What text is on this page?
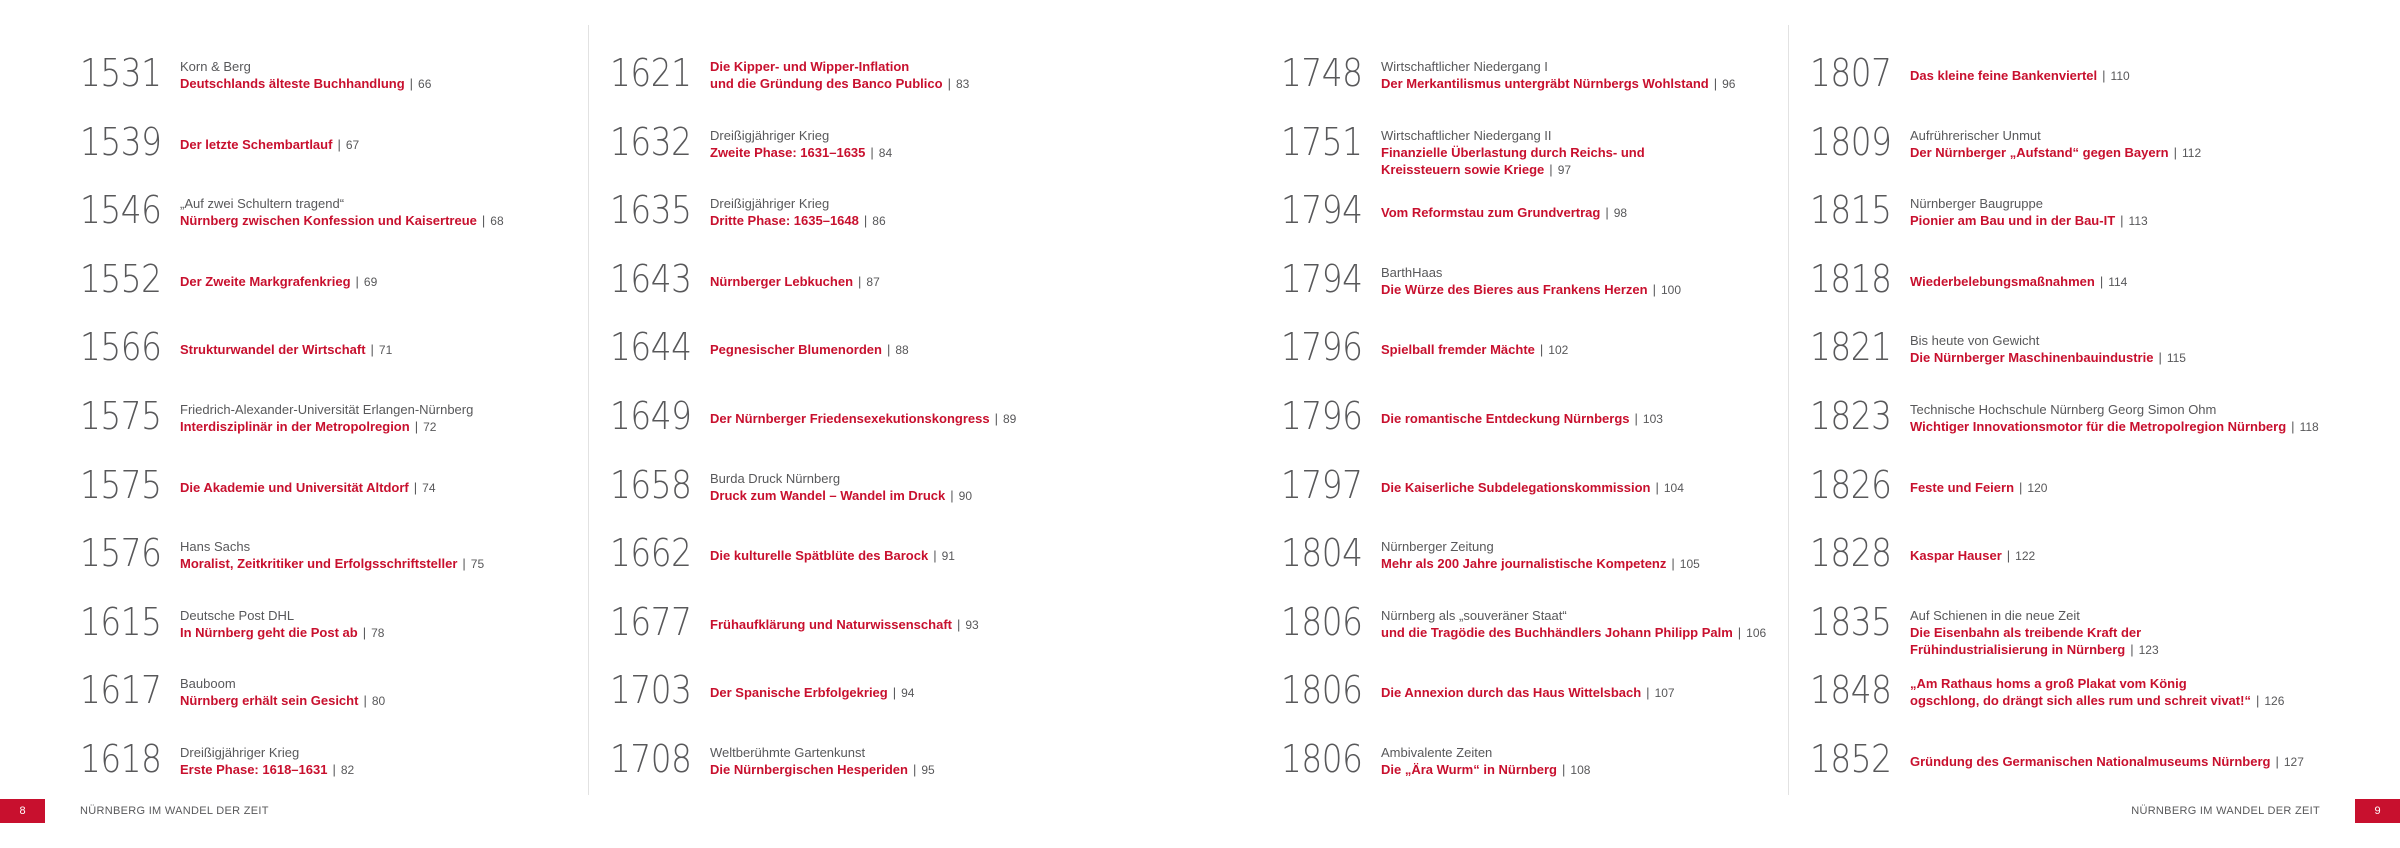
1531 Korn & Berg
Deutschlands älteste Buchhandlung | 66
1539 Der letzte Schembartlauf | 67
1546 „Auf zwei Schultern tragend“
Nürnberg zwischen Konfession und Kaisertreue | 68
1552 Der Zweite Markgrafenkrieg | 69
1566 Strukturwandel der Wirtschaft | 71
1575 Friedrich-Alexander-Universität Erlangen-Nürnberg
Interdisziplinär in der Metropolregion | 72
1575 Die Akademie und Universität Altdorf | 74
1576 Hans Sachs
Moralist, Zeitkritiker und Erfolgsschriftsteller | 75
1615 Deutsche Post DHL
In Nürnberg geht die Post ab | 78
1617 Bauboom
Nürnberg erhält sein Gesicht | 80
1618 Dreißigjähriger Krieg
Erste Phase: 1618–1631 | 82
1621 Die Kipper- und Wipper-Inflation
und die Gründung des Banco Publico | 83
1632 Dreißigjähriger Krieg
Zweite Phase: 1631–1635 | 84
1635 Dreißigjähriger Krieg
Dritte Phase: 1635–1648 | 86
1643 Nürnberger Lebkuchen | 87
1644 Pegnesischer Blumenorden | 88
1649 Der Nürnberger Friedensexekutionskongress | 89
1658 Burda Druck Nürnberg
Druck zum Wandel – Wandel im Druck | 90
1662 Die kulturelle Spätblüte des Barock | 91
1677 Frühaufklärung und Naturwissenschaft | 93
1703 Der Spanische Erbfolgekrieg | 94
1708 Weltberühmte Gartenkunst
Die Nürnbergischen Hesperiden | 95
1748 Wirtschaftlicher Niedergang I
Der Merkantilismus untergräbt Nürnbergs Wohlstand | 96
1751 Wirtschaftlicher Niedergang II
Finanzielle Überlastung durch Reichs- und
Kreissteuern sowie Kriege | 97
1794 Vom Reformstau zum Grundvertrag | 98
1794 BarthHaas
Die Würze des Bieres aus Frankens Herzen | 100
1796 Spielball fremder Mächte | 102
1796 Die romantische Entdeckung Nürnbergs | 103
1797 Die Kaiserliche Subdelegationskommission | 104
1804 Nürnberger Zeitung
Mehr als 200 Jahre journalistische Kompetenz | 105
1806 Nürnberg als „souveräner Staat“
und die Tragödie des Buchhändlers Johann Philipp Palm | 106
1806 Die Annexion durch das Haus Wittelsbach | 107
1806 Ambivalente Zeiten
Die „Ära Wurm“ in Nürnberg | 108
1807 Das kleine feine Bankenviertel | 110
1809 Aufrührerischer Unmut
Der Nürnberger „Aufstand“ gegen Bayern | 112
1815 Nürnberger Baugruppe
Pionier am Bau und in der Bau-IT | 113
1818 Wiederbelebungsmaßnahmen | 114
1821 Bis heute von Gewicht
Die Nürnberger Maschinenbauindustrie | 115
1823 Technische Hochschule Nürnberg Georg Simon Ohm
Wichtiger Innovationsmotor für die Metropolregion Nürnberg | 118
1826 Feste und Feiern | 120
1828 Kaspar Hauser | 122
1835 Auf Schienen in die neue Zeit
Die Eisenbahn als treibende Kraft der
Frühindustrialisierung in Nürnberg | 123
1848 „Am Rathaus homs a groß Plakat vom König
ogschlong, do drängt sich alles rum und schreit vivat!“ | 126
1852 Gründung des Germanischen Nationalmuseums Nürnberg | 127
8	NÜRNBERG IM WANDEL DER ZEIT	NÜRNBERG IM WANDEL DER ZEIT	9
